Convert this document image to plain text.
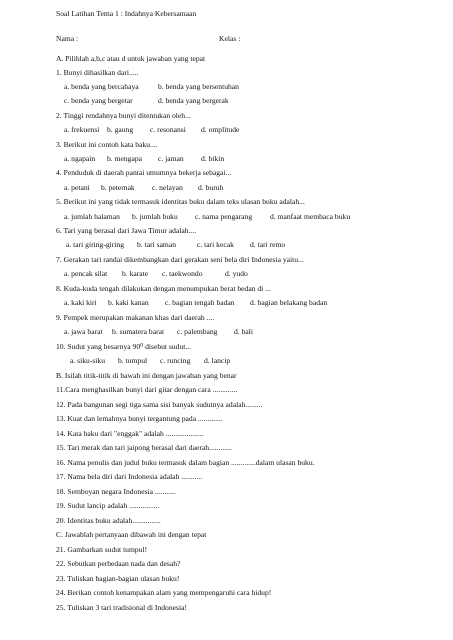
Soal Latihan Tema 1 : Indahnya Kebersamaan
Nama :	Kelas :
A. Pilihlah a,b,c atau d untuk jawaban yang tepat
1. Bunyi dihasilkan dari.....
a. benda yang bercahaya	b. benda yang bersentuhan
c. benda yang bergetar	d. benda yang bergerak
2. Tinggi rendahnya bunyi ditentukan oleh...
a. frekuensi b. gaung c. resonansi d. omplitude
3. Berikut ini contoh kata baku....
a. ngapain b. mengapa c. jaman d. bikin
4. Penduduk di daerah pantai umumnya bekerja sebagai...
a. petani b. peternak c. nelayan d. buruh
5. Berikut ini yang tidak termasuk identitas buku dalam teks ulasan buku adalah...
a. jumlah halaman b. jumlah buku c. nama pengarang d. manfaat membaca buku
6. Tari yang berasal dari Jawa Timur adalah....
a. tari giring-giring b. tari saman	c. tari kecak d. tari remo
7. Gerakan tari randai dikembangkan dari gerakan seni bela diri Indonesia yaitu...
a. pencak silat b. karate c. taekwondo	d. yudo
8. Kuda-kuda tengah dilakukan dengan menumpukan berat bedan di ...
a. kaki kiri b. kaki kanan c. bagian tengah badan d. bagian belakang badan
9. Pempek merupakan makanan khas dari daerah ....
a. jawa barat b. sumatera barat c. palembang d. bali
10. Sudut yang besarnya 90⁰ disebut sudut...
a. siku-siku b. tumpul c. runcing d. lancip
B. Isilah titik-titik di bawah ini dengan jawaban yang benar
11.Cara menghasilkan bunyi dari gitar dengan cara .............
12. Pada bangunan segi tiga sama sisi banyak sudutnya adalah.........
13. Kuat dan lemahnya bunyi tergantung pada .............
14. Kata baku dari "enggak" adalah ....................
15. Tari merak dan tari jaipong berasal dari daerah............
16. Nama penulis dan judul buku termasuk dalam bagian .............dalam ulasan buku.
17. Nama bela diri dari Indonesia adalah ...........
18. Semboyan negara Indonesia ...........
19. Sudut lancip adalah ................
20. Identitas buku adalah...............
C. Jawablah pertanyaan dibawah ini dengan tepat
21. Gambarkan sudut tumpul!
22. Sebutkan perbedaan nada dan desah?
23. Tuliskan bagian-bagian ulasan buku!
24. Berikan contoh kenampakan alam yang mempengaruhi cara hidup!
25. Tuliskan 3 tari tradisional di Indonesia!
